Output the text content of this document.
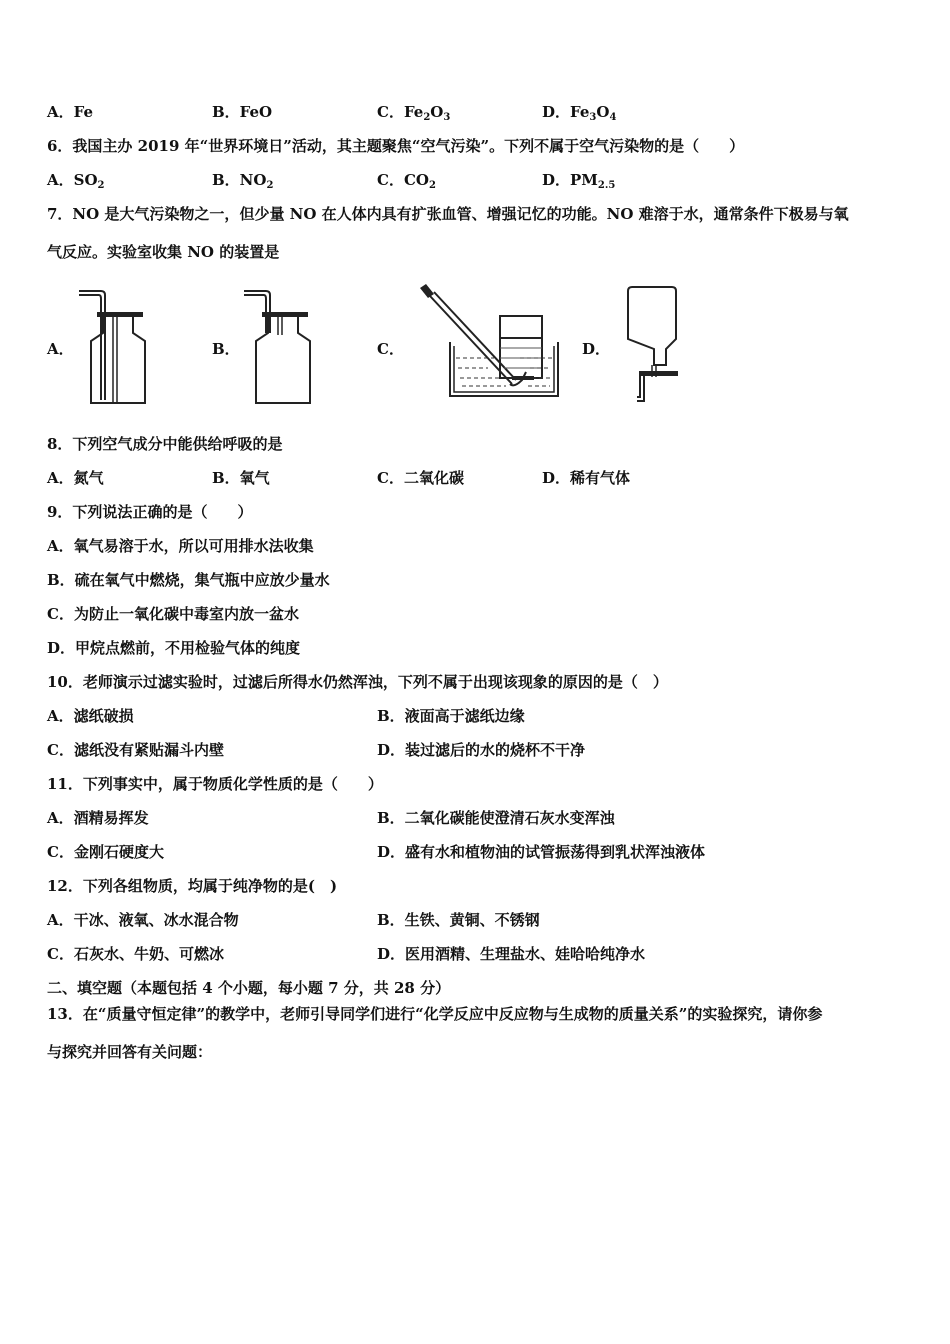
A．Fe	B．FeO	C．$Fe_2O_3$	D．$Fe_3O_4$
6．我国主办 2019 年“世界环境日”活动，其主题聚焦“空气污染”。下列不属于空气污染物的是（　　）
A．$SO_2$	B．$NO_2$	C．$CO_2$	D．$PM_{2.5}$
7．NO 是大气污染物之一，但少量 NO 在人体内具有扩张血管、增强记忆的功能。NO 难溶于水，通常条件下极易与氧
气反应。实验室收集 NO 的装置是
A．	B．	C．	D．
8．下列空气成分中能供给呼吸的是
A．氮气	B．氧气	C．二氧化碳	D．稀有气体
9．下列说法正确的是（　　）
A．氧气易溶于水，所以可用排水法收集
B．硫在氧气中燃烧，集气瓶中应放少量水
C．为防止一氧化碳中毒室内放一盆水
D．甲烷点燃前，不用检验气体的纯度
10．老师演示过滤实验时，过滤后所得水仍然浑浊，下列不属于出现该现象的原因的是（　）
A．滤纸破损	B．液面高于滤纸边缘
C．滤纸没有紧贴漏斗内壁	D．装过滤后的水的烧杯不干净
11．下列事实中，属于物质化学性质的是（　　）
A．酒精易挥发	B．二氧化碳能使澄清石灰水变浑浊
C．金刚石硬度大	D．盛有水和植物油的试管振荡得到乳状浑浊液体
12．下列各组物质，均属于纯净物的是(　)
A．干冰、液氧、冰水混合物	B．生铁、黄铜、不锈钢
C．石灰水、牛奶、可燃冰	D．医用酒精、生理盐水、娃哈哈纯净水
二、填空题（本题包括 4 个小题，每小题 7 分，共 28 分）
13．在“质量守恒定律”的教学中，老师引导同学们进行“化学反应中反应物与生成物的质量关系”的实验探究，请你参
与探究并回答有关问题：
